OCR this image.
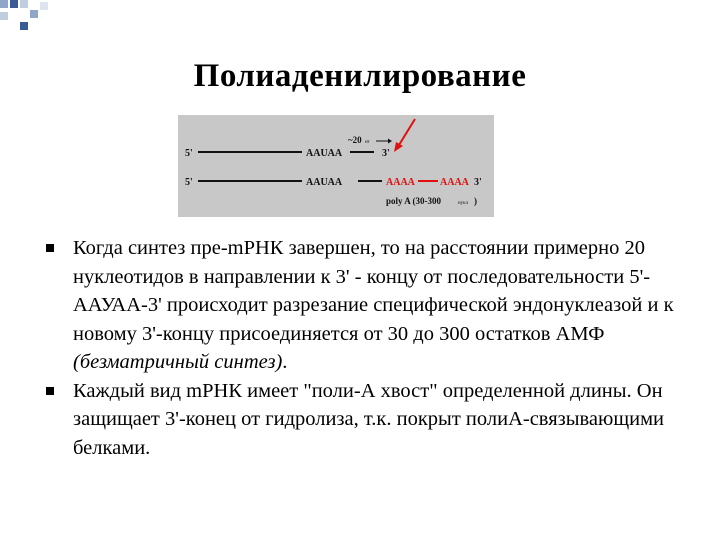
Полиаденилирование
5'	AAUAA	3'
~20 нт
5'	AAUAA	AAAA	AAAA 3'
poly A (30-300	нукл )
Когда синтез пре-mРНК завершен, то на расстоянии примерно 20 нуклеотидов в направлении к 3' - концу от последовательности 5'-ААУАА-3' происходит разрезание специфической эндонуклеазой и к новому 3'-концу присоединяется от 30 до 300 остатков АМФ (безматричный синтез).
Каждый вид mРНК имеет "поли-А хвост" определенной длины. Он защищает 3'-конец от гидролиза, т.к. покрыт полиА-связывающими белками.
